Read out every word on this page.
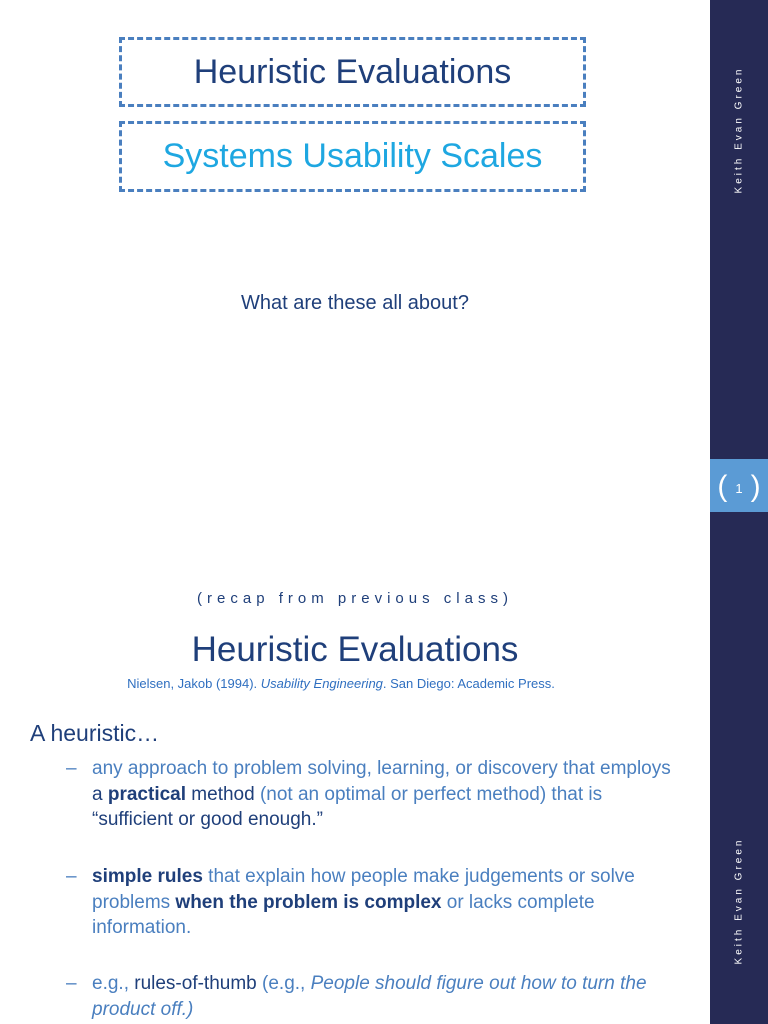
Heuristic Evaluations
Systems Usability Scales
What are these all about?
Keith Evan Green
( 1 )
(recap from previous class)
Heuristic Evaluations
Nielsen, Jakob (1994). Usability Engineering. San Diego: Academic Press.
A heuristic…
– any approach to problem solving, learning, or discovery that employs a practical method (not an optimal or perfect method) that is “sufficient or good enough.”
– simple rules that explain how people make judgements or solve problems when the problem is complex or lacks complete information.
– e.g., rules-of-thumb (e.g., People should figure out how to turn the product off.)
Keith Evan Green
